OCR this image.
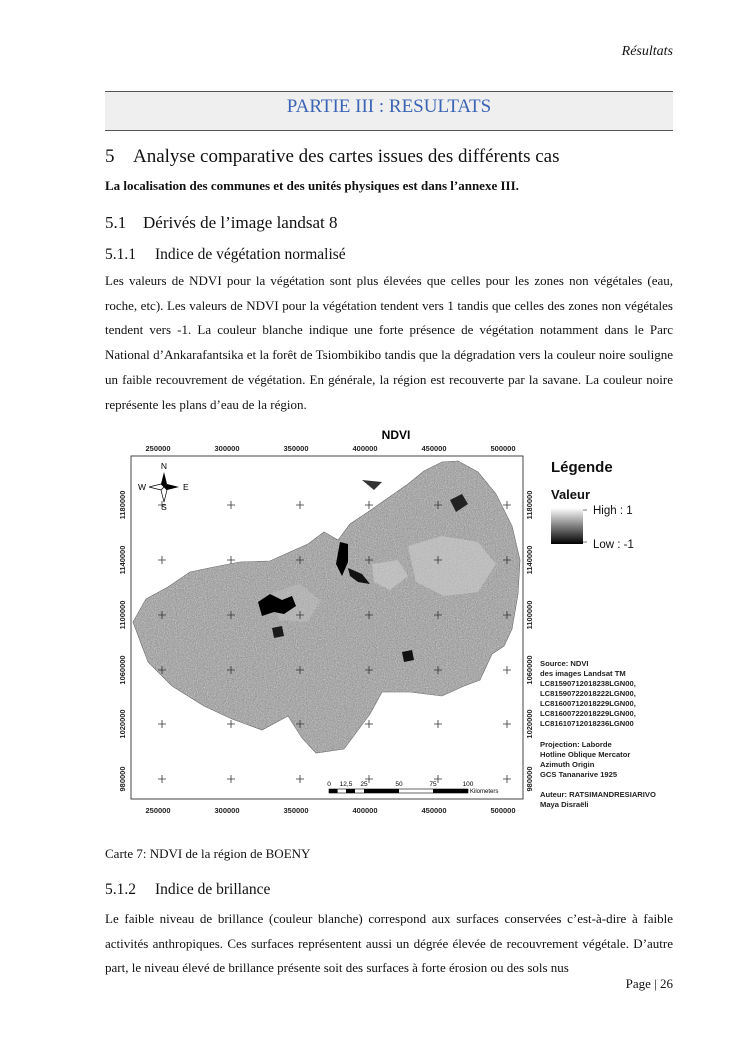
Résultats
PARTIE III : RESULTATS
5 Analyse comparative des cartes issues des différents cas
La localisation des communes et des unités physiques est dans l’annexe III.
5.1 Dérivés de l’image landsat 8
5.1.1 Indice de végétation normalisé
Les valeurs de NDVI pour la végétation sont plus élevées que celles pour les zones non végétales (eau, roche, etc). Les valeurs de NDVI pour la végétation tendent vers 1 tandis que celles des zones non végétales tendent vers -1. La couleur blanche indique une forte présence de végétation notamment dans le Parc National d’Ankarafantsika et la forêt de Tsiombikibo tandis que la dégradation vers la couleur noire souligne un faible recouvrement de végétation. En générale, la région est recouverte par la savane. La couleur noire représente les plans d’eau de la région.
NDVI
250000	300000	350000	400000	450000	500000
250000	300000	350000	400000	450000	500000
1180000
1140000
1100000
1060000
1020000
980000
1180000
1140000
1100000
1060000
1020000
980000
N
S
E
W
0 12,5 25	50	75	100
Kilometers
Légende
Valeur
High : 1
Low : -1
Source: NDVI
des images Landsat TM
LC81590712018238LGN00,
LC81590722018222LGN00,
LC81600712018229LGN00,
LC81600722018229LGN00,
LC81610712018236LGN00
Projection: Laborde
Hotline Oblique Mercator
Azimuth Origin
GCS Tananarive 1925
Auteur: RATSIMANDRESIARIVO
Maya Disraëli
Carte 7: NDVI de la région de BOENY
5.1.2 Indice de brillance
Le faible niveau de brillance (couleur blanche) correspond aux surfaces conservées c’est-à-dire à faible activités anthropiques. Ces surfaces représentent aussi un dégrée élevée de recouvrement végétale. D’autre part, le niveau élevé de brillance présente soit des surfaces à forte érosion ou des sols nus
Page | 26
